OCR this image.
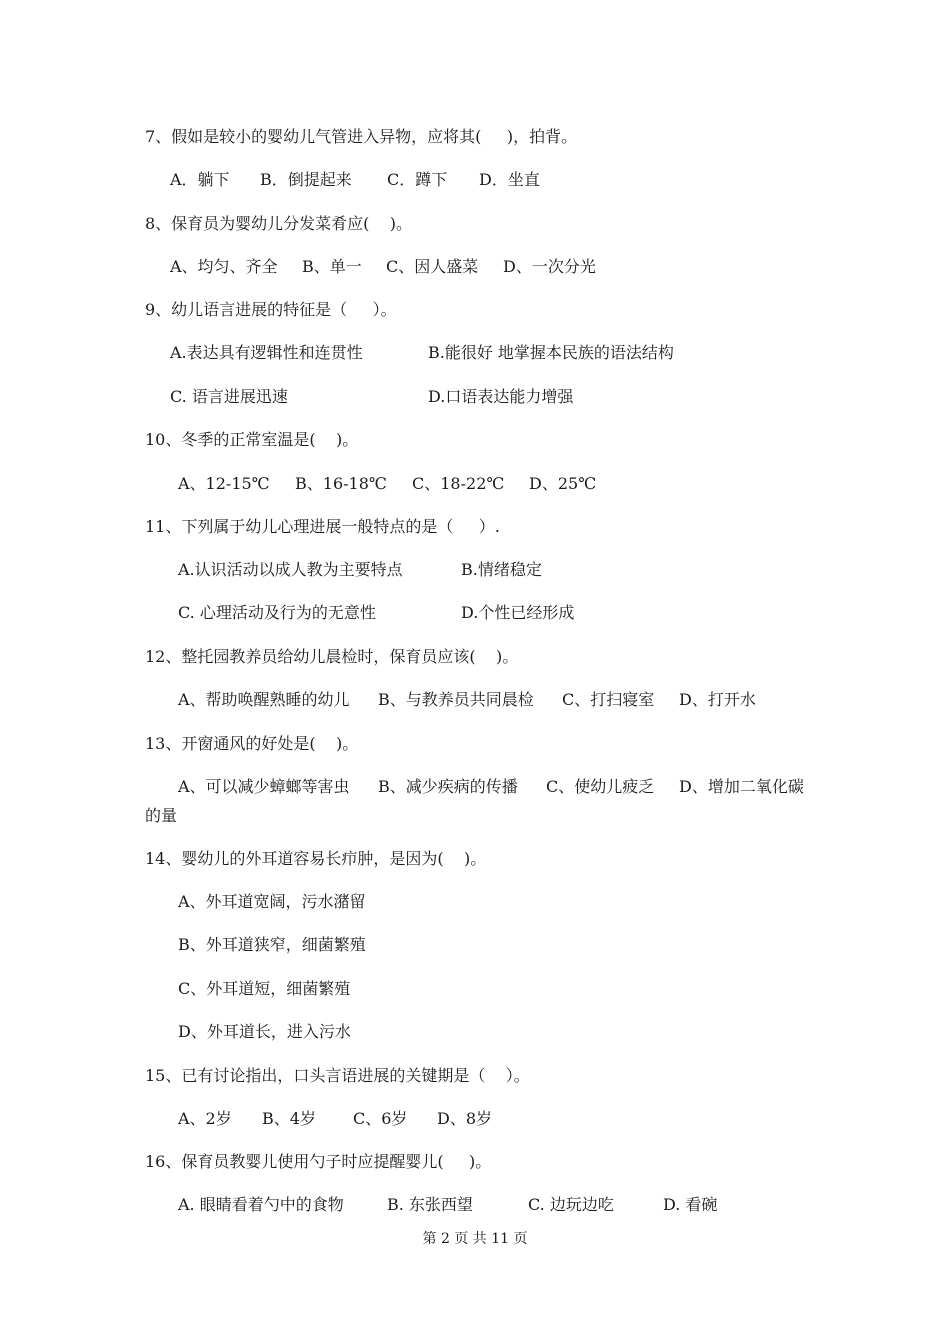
7、假如是较小的婴幼儿气管进入异物，应将其(     )，拍背。
A．躺下 B．倒提起来 C．蹲下 D．坐直
8、保育员为婴幼儿分发菜肴应(    )。
A、均匀、齐全 B、单一 C、因人盛菜 D、一次分光
9、幼儿语言进展的特征是（     ）。
A.表达具有逻辑性和连贯性	B.能很好 地掌握本民族的语法结构
C. 语言进展迅速	D.口语表达能力增强
10、冬季的正常室温是(    )。
A、12-15℃ B、16-18℃ C、18-22℃ D、25℃
11、下列属于幼儿心理进展一般特点的是（     ）.
A.认识活动以成人教为主要特点	B.情绪稳定
C. 心理活动及行为的无意性	D.个性已经形成
12、整托园教养员给幼儿晨检时，保育员应该(    )。
A、帮助唤醒熟睡的幼儿 B、与教养员共同晨检 C、打扫寝室 D、打开水
13、开窗通风的好处是(    )。
A、可以减少蟑螂等害虫 B、减少疾病的传播 C、使幼儿疲乏 D、增加二氧化碳
的量
14、婴幼儿的外耳道容易长疖肿，是因为(    )。
A、外耳道宽阔，污水潴留
B、外耳道狭窄，细菌繁殖
C、外耳道短，细菌繁殖
D、外耳道长，进入污水
15、已有讨论指出，口头言语进展的关键期是（    ）。
A、2岁 B、4岁 C、6岁 D、8岁
16、保育员教婴儿使用勺子时应提醒婴儿(     )。
A. 眼睛看着勺中的食物	B. 东张西望	C. 边玩边吃	D. 看碗
第 2 页 共 11 页
